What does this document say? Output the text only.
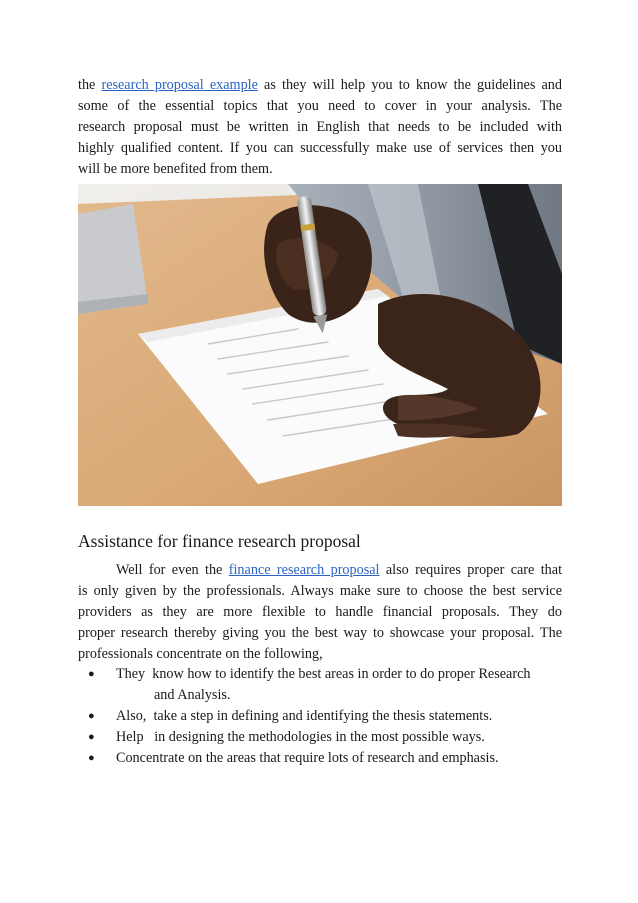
the research proposal example as they will help you to know the guidelines and
some of the essential topics that you need to cover in your analysis. The
research proposal must be written in English that needs to be included with
highly qualified content. If you can successfully make use of services then you
will be more benefited from them.

Assistance for finance research proposal

Well for even the finance research proposal also requires proper care that
is only given by the professionals. Always make sure to choose the best service
providers as they are more flexible to handle financial proposals. They do
proper research thereby giving you the best way to showcase your proposal. The
professionals concentrate on the following,

● They  know how to identify the best areas in order to do proper Research
and Analysis.
● Also,  take a step in defining and identifying the thesis statements.
● Help   in designing the methodologies in the most possible ways.
● Concentrate on the areas that require lots of research and emphasis.
